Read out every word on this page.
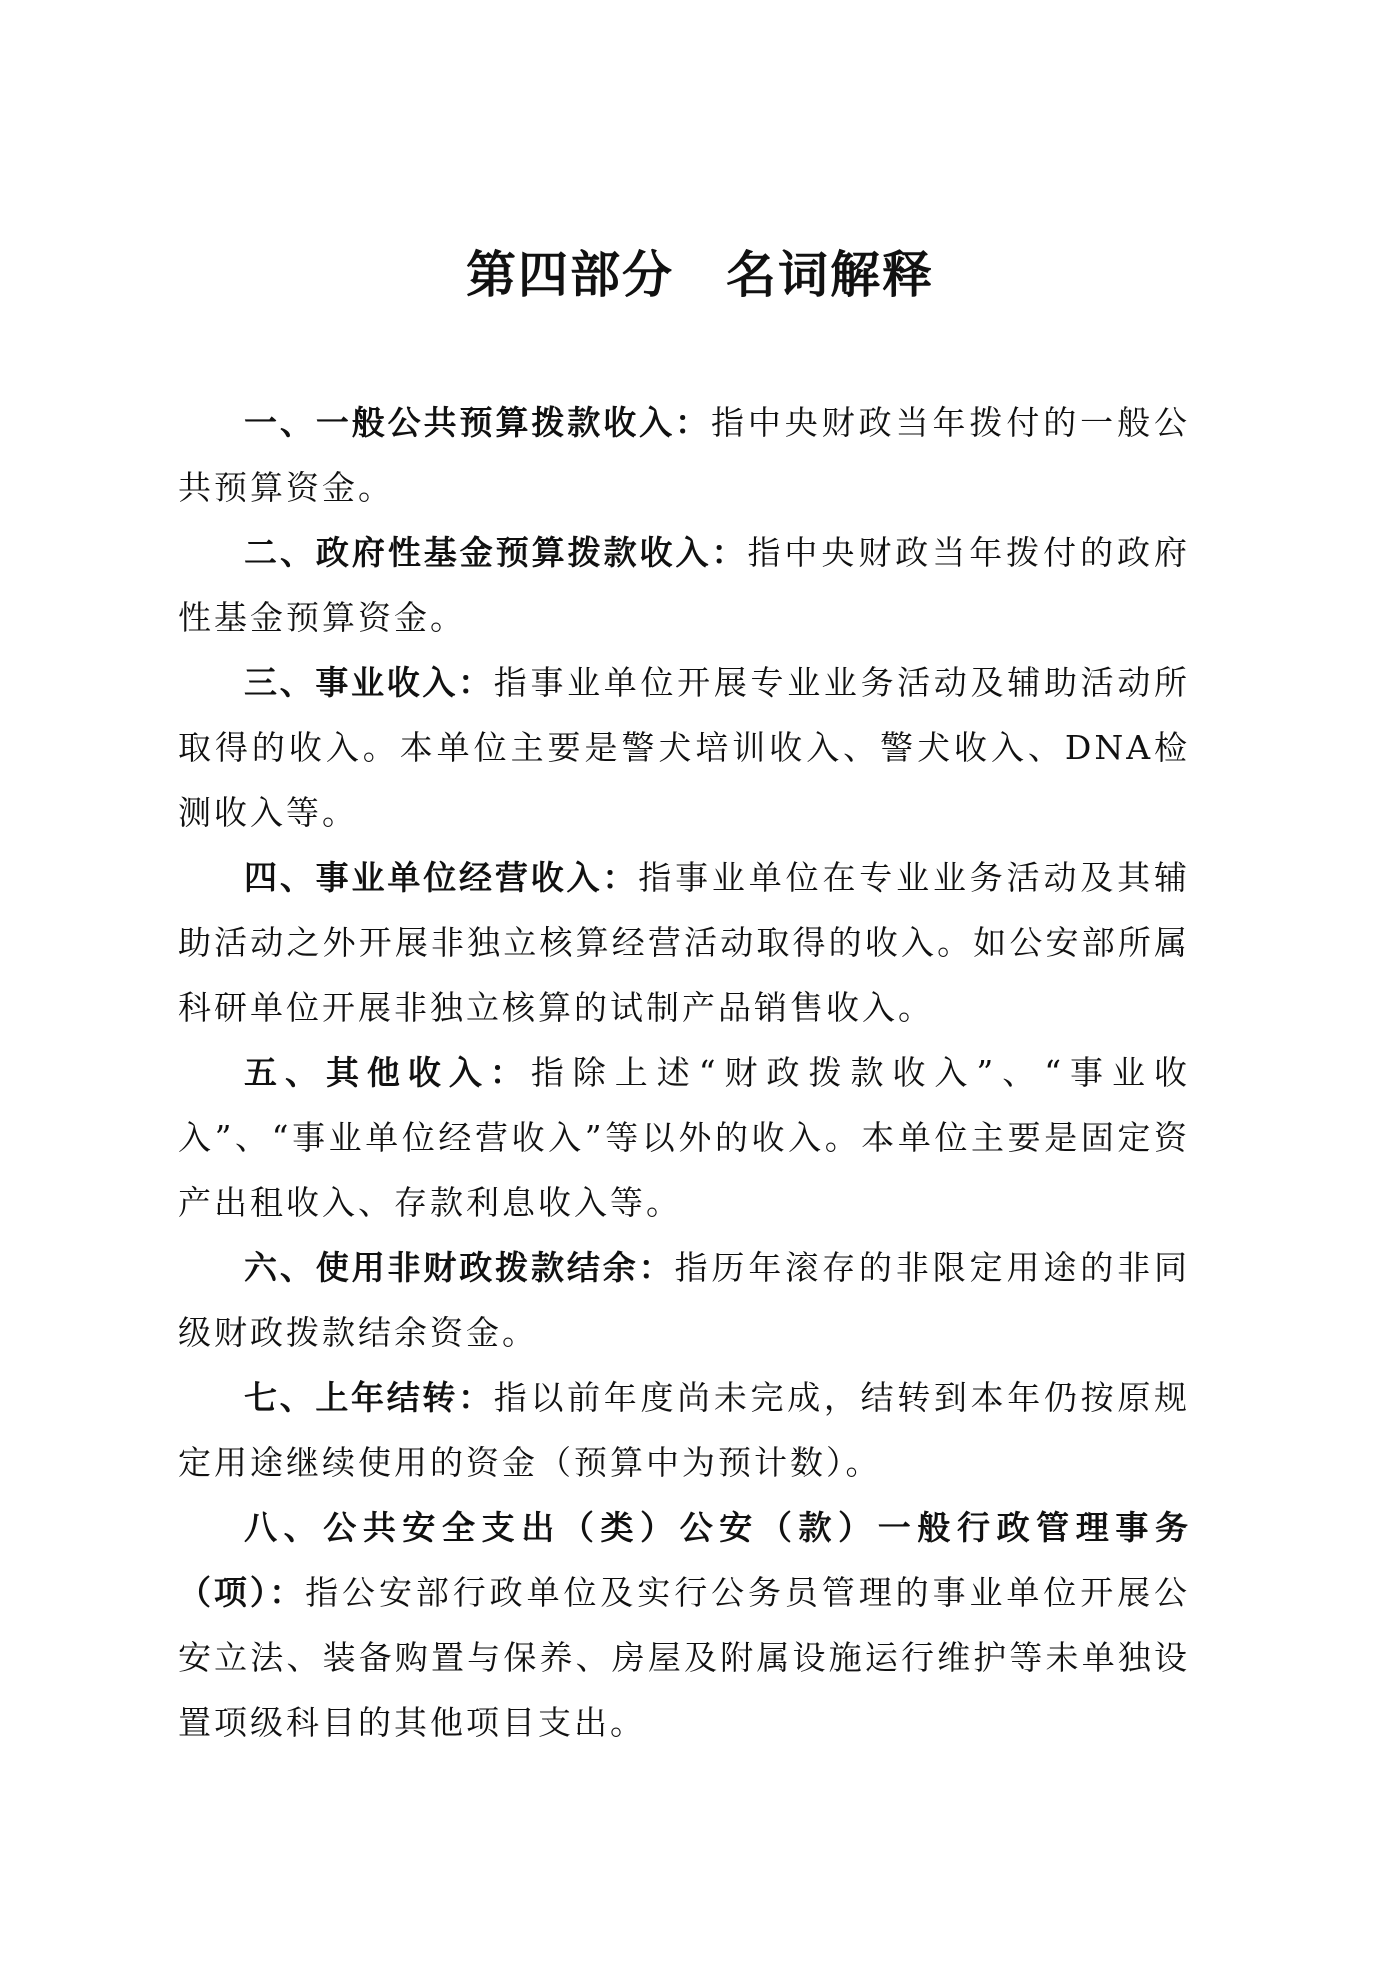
第四部分　名词解释

一、一般公共预算拨款收入：指中央财政当年拨付的一般公共预算资金。

二、政府性基金预算拨款收入：指中央财政当年拨付的政府性基金预算资金。

三、事业收入：指事业单位开展专业业务活动及辅助活动所取得的收入。本单位主要是警犬培训收入、警犬收入、DNA检测收入等。

四、事业单位经营收入：指事业单位在专业业务活动及其辅助活动之外开展非独立核算经营活动取得的收入。如公安部所属科研单位开展非独立核算的试制产品销售收入。

五、其他收入：指除上述“财政拨款收入”、“事业收入”、“事业单位经营收入”等以外的收入。本单位主要是固定资产出租收入、存款利息收入等。

六、使用非财政拨款结余：指历年滚存的非限定用途的非同级财政拨款结余资金。

七、上年结转：指以前年度尚未完成，结转到本年仍按原规定用途继续使用的资金（预算中为预计数）。

八、公共安全支出（类）公安（款）一般行政管理事务（项）：指公安部行政单位及实行公务员管理的事业单位开展公安立法、装备购置与保养、房屋及附属设施运行维护等未单独设置项级科目的其他项目支出。
